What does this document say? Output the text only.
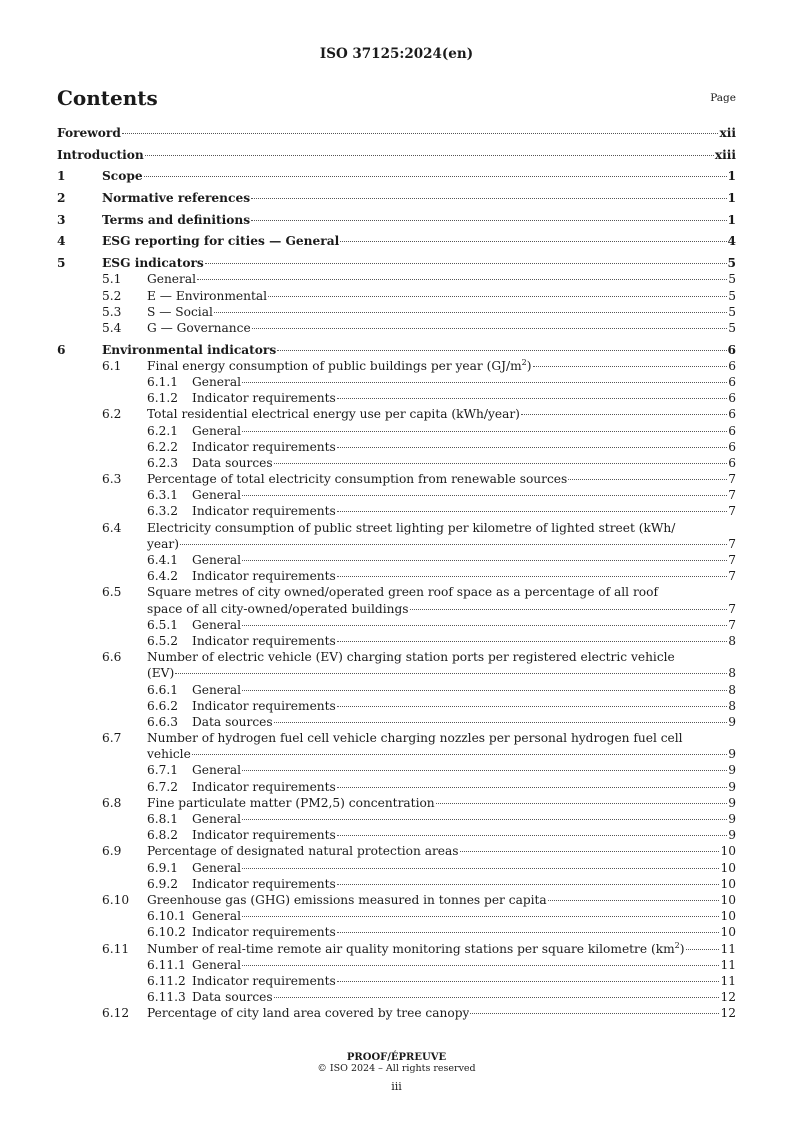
ISO 37125:2024(en)
Contents	Page
Foreword	xii
Introduction	xiii
1	Scope	1
2	Normative references	1
3	Terms and definitions	1
4	ESG reporting for cities — General	4
5	ESG indicators	5
5.1	General	5
5.2	E — Environmental	5
5.3	S — Social	5
5.4	G — Governance	5
6	Environmental indicators	6
6.1	Final energy consumption of public buildings per year $(GJ/m^2)$	6
6.1.1	General	6
6.1.2	Indicator requirements	6
6.2	Total residential electrical energy use per capita (kWh/year)	6
6.2.1	General	6
6.2.2	Indicator requirements	6
6.2.3	Data sources	6
6.3	Percentage of total electricity consumption from renewable sources	7
6.3.1	General	7
6.3.2	Indicator requirements	7
6.4 Electricity consumption of public street lighting per kilometre of lighted street (kWh/
year)	7
6.4.1	General	7
6.4.2	Indicator requirements	7
6.5 Square metres of city owned/operated green roof space as a percentage of all roof
space of all city-owned/operated buildings	7
6.5.1	General	7
6.5.2	Indicator requirements	8
6.6 Number of electric vehicle (EV) charging station ports per registered electric vehicle
(EV)	8
6.6.1	General	8
6.6.2	Indicator requirements	8
6.6.3	Data sources	9
6.7 Number of hydrogen fuel cell vehicle charging nozzles per personal hydrogen fuel cell
vehicle	9
6.7.1	General	9
6.7.2	Indicator requirements	9
6.8	Fine particulate matter (PM2,5) concentration	9
6.8.1	General	9
6.8.2	Indicator requirements	9
6.9	Percentage of designated natural protection areas	10
6.9.1	General	10
6.9.2	Indicator requirements	10
6.10	Greenhouse gas (GHG) emissions measured in tonnes per capita	10
6.10.1 General	10
6.10.2 Indicator requirements	10
6.11	Number of real-time remote air quality monitoring stations per square kilometre $(km^2)$	11
6.11.1 General	11
6.11.2 Indicator requirements	11
6.11.3 Data sources	12
6.12	Percentage of city land area covered by tree canopy	12
PROOF/ÉPREUVE
© ISO 2024 – All rights reserved
iii
